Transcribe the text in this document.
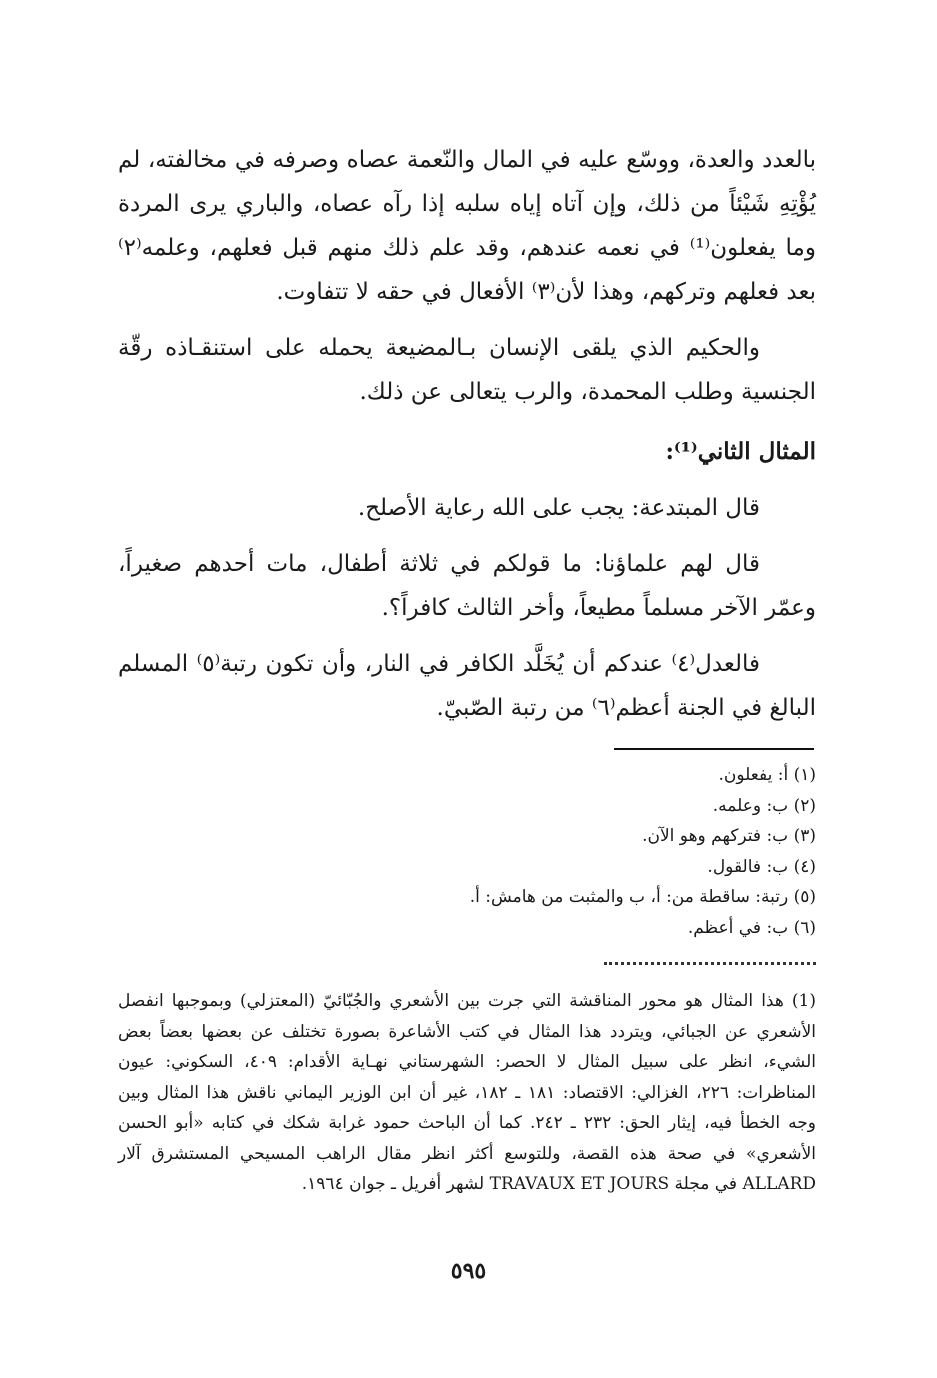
بالعدد والعدة، ووسّع عليه في المال والنّعمة عصاه وصرفه في مخالفته، لم يُؤْتِهِ شَيْئاً من ذلك، وإن آتاه إياه سلبه إذا رآه عصاه، والباري يرى المردة وما يفعلون⁽¹⁾ في نعمه عندهم، وقد علم ذلك منهم قبل فعلهم، وعلمه⁽٢⁾ بعد فعلهم وتركهم، وهذا لأن⁽٣⁾ الأفعال في حقه لا تتفاوت.

والحكيم الذي يلقى الإنسان بـالمضيعة يحمله على استنقـاذه رقّة الجنسية وطلب المحمدة، والرب يتعالى عن ذلك.

المثال الثاني⁽¹⁾:

قال المبتدعة: يجب على الله رعاية الأصلح.

قال لهم علماؤنا: ما قولكم في ثلاثة أطفال، مات أحدهم صغيراً، وعمّر الآخر مسلماً مطيعاً، وأخر الثالث كافراً؟.

فالعدل⁽٤⁾ عندكم أن يُخَلَّد الكافر في النار، وأن تكون رتبة⁽٥⁾ المسلم البالغ في الجنة أعظم⁽٦⁾ من رتبة الصّبيّ.

(١) أ: يفعلون.
(٢) ب: وعلمه.
(٣) ب: فتركهم وهو الآن.
(٤) ب: فالقول.
(٥) رتبة: ساقطة من: أ، ب والمثبت من هامش: أ.
(٦) ب: في أعظم.
(1) هذا المثال هو محور المناقشة التي جرت بين الأشعري والجُبّائيّ (المعتزلي) وبموجبها انفصل الأشعري عن الجبائي، ويتردد هذا المثال في كتب الأشاعرة بصورة تختلف عن بعضها بعضاً بعض الشيء، انظر على سبيل المثال لا الحصر: الشهرستاني نهـاية الأقدام: ٤٠٩، السكوني: عيون المناظرات: ٢٢٦، الغزالي: الاقتصاد: ١٨١ ـ ١٨٢، غير أن ابن الوزير اليماني ناقش هذا المثال وبين وجه الخطأ فيه، إيثار الحق: ٢٣٢ ـ ٢٤٢. كما أن الباحث حمود غرابة شكك في كتابه «أبو الحسن الأشعري» في صحة هذه القصة، وللتوسع أكثر انظر مقال الراهب المسيحي المستشرق آلار ALLARD في مجلة TRAVAUX ET JOURS لشهر أفريل ـ جوان ١٩٦٤.
٥٩٥
